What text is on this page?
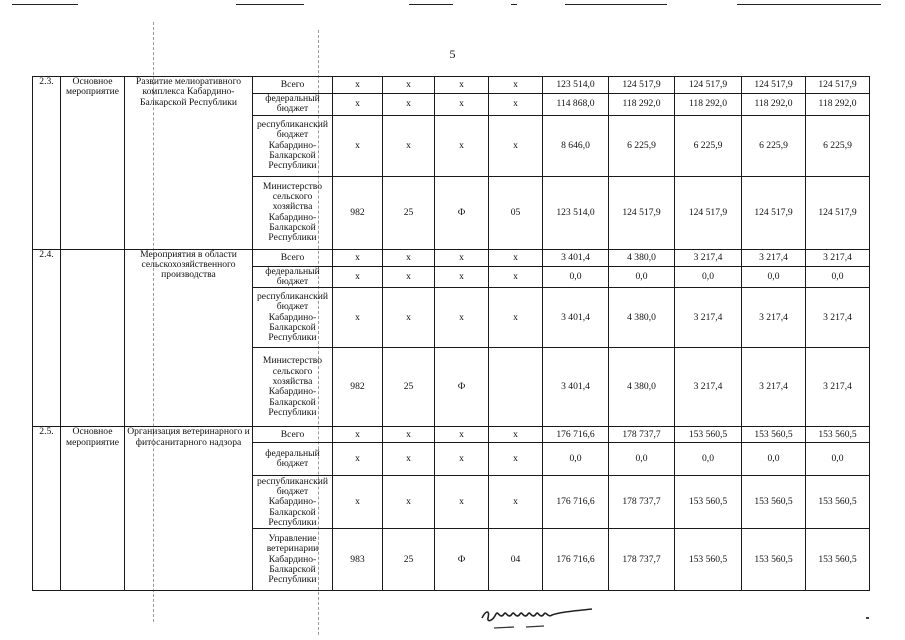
5
2.3.	Основное мероприятие	Развитие мелиоративного комплекса Кабардино-Балкарской Республики	Всего	x	x	x	x	123 514,0	124 517,9	124 517,9	124 517,9	124 517,9
			федеральный бюджет	x	x	x	x	114 868,0	118 292,0	118 292,0	118 292,0	118 292,0
			республиканский бюджет Кабардино-Балкарской Республики	x	x	x	x	8 646,0	6 225,9	6 225,9	6 225,9	6 225,9
			Министерство сельского хозяйства Кабардино-Балкарской Республики	982	25	Ф	05	123 514,0	124 517,9	124 517,9	124 517,9	124 517,9
2.4.		Мероприятия в области сельскохозяйственного производства	Всего	x	x	x	x	3 401,4	4 380,0	3 217,4	3 217,4	3 217,4
			федеральный бюджет	x	x	x	x	0,0	0,0	0,0	0,0	0,0
			республиканский бюджет Кабардино-Балкарской Республики	x	x	x	x	3 401,4	4 380,0	3 217,4	3 217,4	3 217,4
			Министерство сельского хозяйства Кабардино-Балкарской Республики	982	25	Ф		3 401,4	4 380,0	3 217,4	3 217,4	3 217,4
2.5.	Основное мероприятие	Организация ветеринарного и фитосанитарного надзора	Всего	x	x	x	x	176 716,6	178 737,7	153 560,5	153 560,5	153 560,5
			федеральный бюджет	x	x	x	x	0,0	0,0	0,0	0,0	0,0
			республиканский бюджет Кабардино-Балкарской Республики	x	x	x	x	176 716,6	178 737,7	153 560,5	153 560,5	153 560,5
			Управление ветеринарии Кабардино-Балкарской Республики	983	25	Ф	04	176 716,6	178 737,7	153 560,5	153 560,5	153 560,5
